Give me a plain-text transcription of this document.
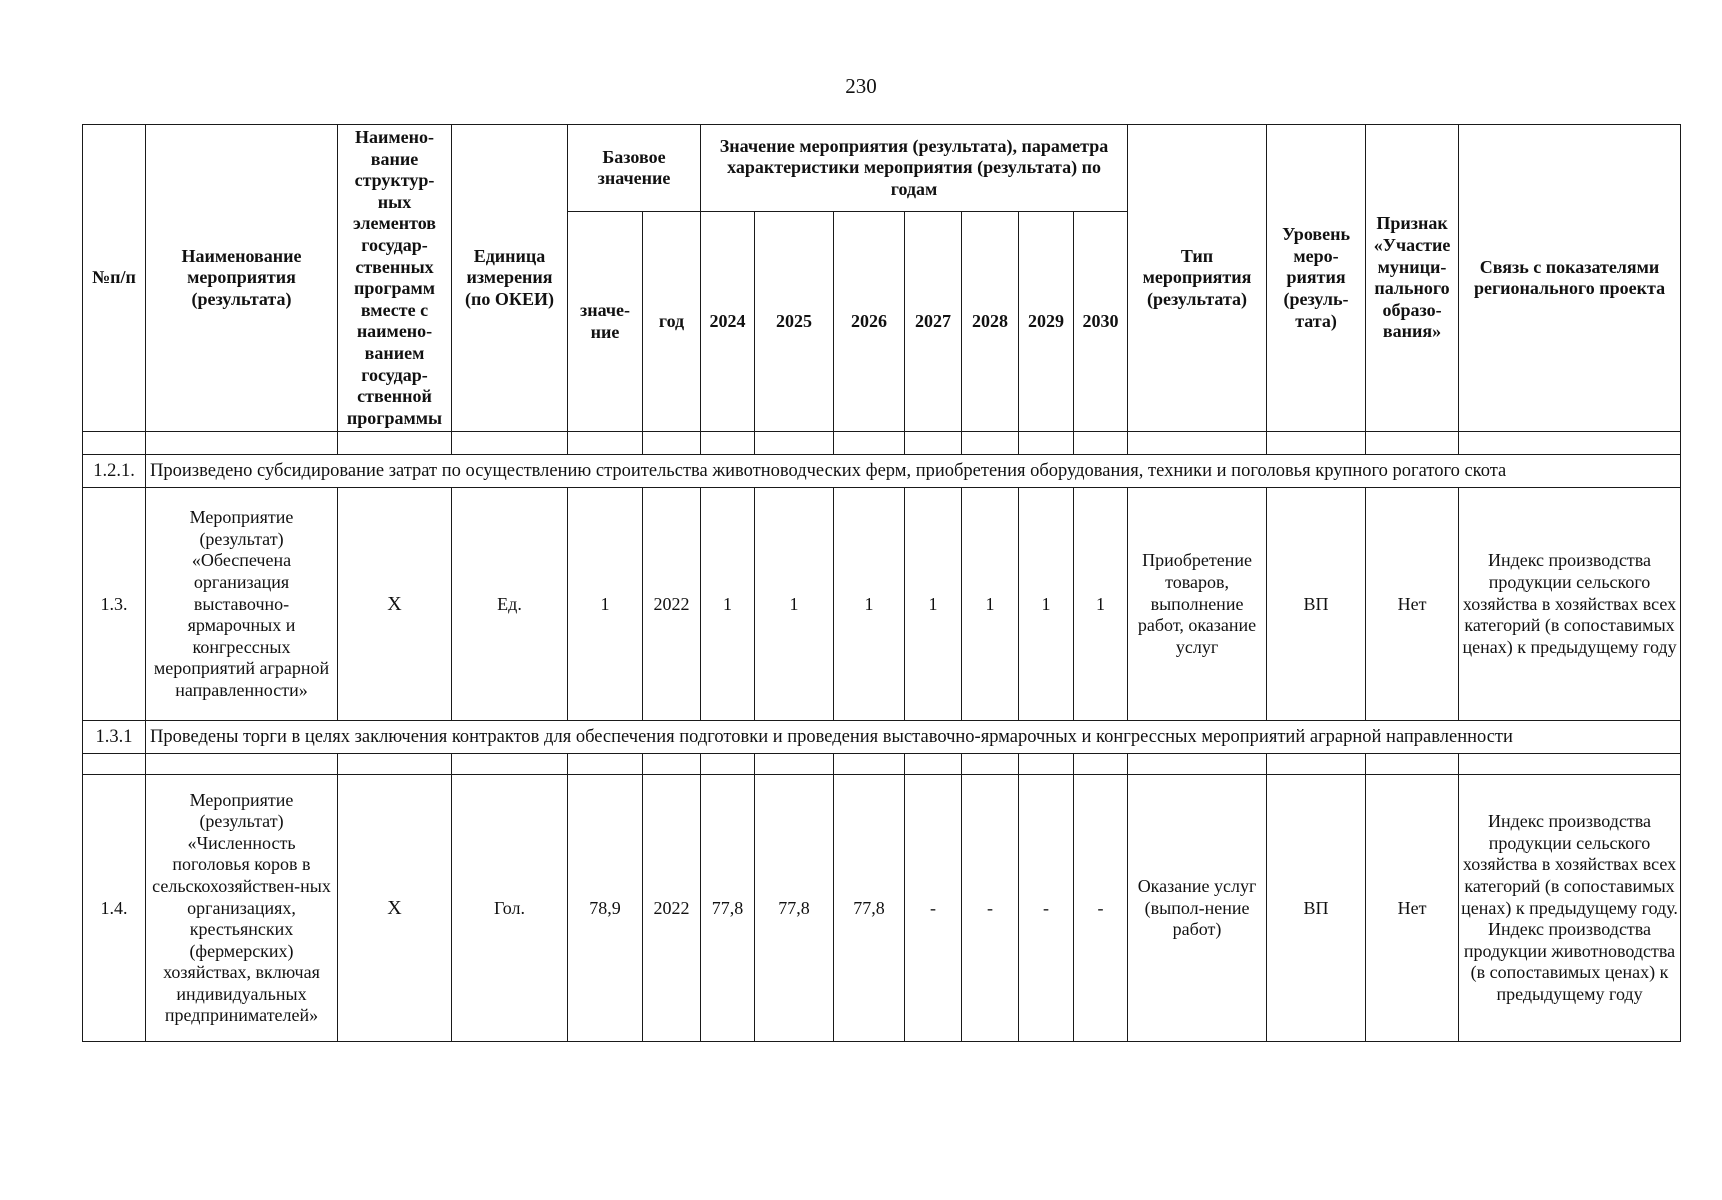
230
№п/п	Наименование мероприятия (результата)	Наимено-вание структур-ных элементов государ-ственных программ вместе с наимено-ванием государ-ственной программы	Единица измерения (по ОКЕИ)	Базовое значение		Значение мероприятия (результата), параметра характеристики мероприятия (результата) по годам							Тип мероприятия (результата)	Уровень меро-риятия (резуль-тата)	Признак «Участие муници-пального образо-вания»	Связь с показателями регионального проекта
				значе-ние	год	2024	2025	2026	2027	2028	2029	2030				

1.2.1.	Произведено субсидирование затрат по осуществлению строительства животноводческих ферм, приобретения оборудования, техники и поголовья крупного рогатого скота															
1.3.	Мероприятие (результат) «Обеспечена организация выставочно-ярмарочных и конгрессных мероприятий аграрной направленности»	X	Ед.	1	2022	1	1	1	1	1	1	1	Приобретение товаров, выполнение работ, оказание услуг	ВП	Нет	Индекс производства продукции сельского хозяйства в хозяйствах всех категорий (в сопоставимых ценах) к предыдущему году
1.3.1	Проведены торги в целях заключения контрактов для обеспечения подготовки и проведения выставочно-ярмарочных и конгрессных мероприятий аграрной направленности															

1.4.	Мероприятие (результат) «Численность поголовья коров в сельскохозяйствен-ных организациях, крестьянских (фермерских) хозяйствах, включая индивидуальных предпринимателей»	X	Гол.	78,9	2022	77,8	77,8	77,8	-	-	-	-	Оказание услуг (выпол-нение работ)	ВП	Нет	Индекс производства продукции сельского хозяйства в хозяйствах всех категорий (в сопоставимых ценах) к предыдущему году. Индекс производства продукции животноводства (в сопоставимых ценах) к предыдущему году
